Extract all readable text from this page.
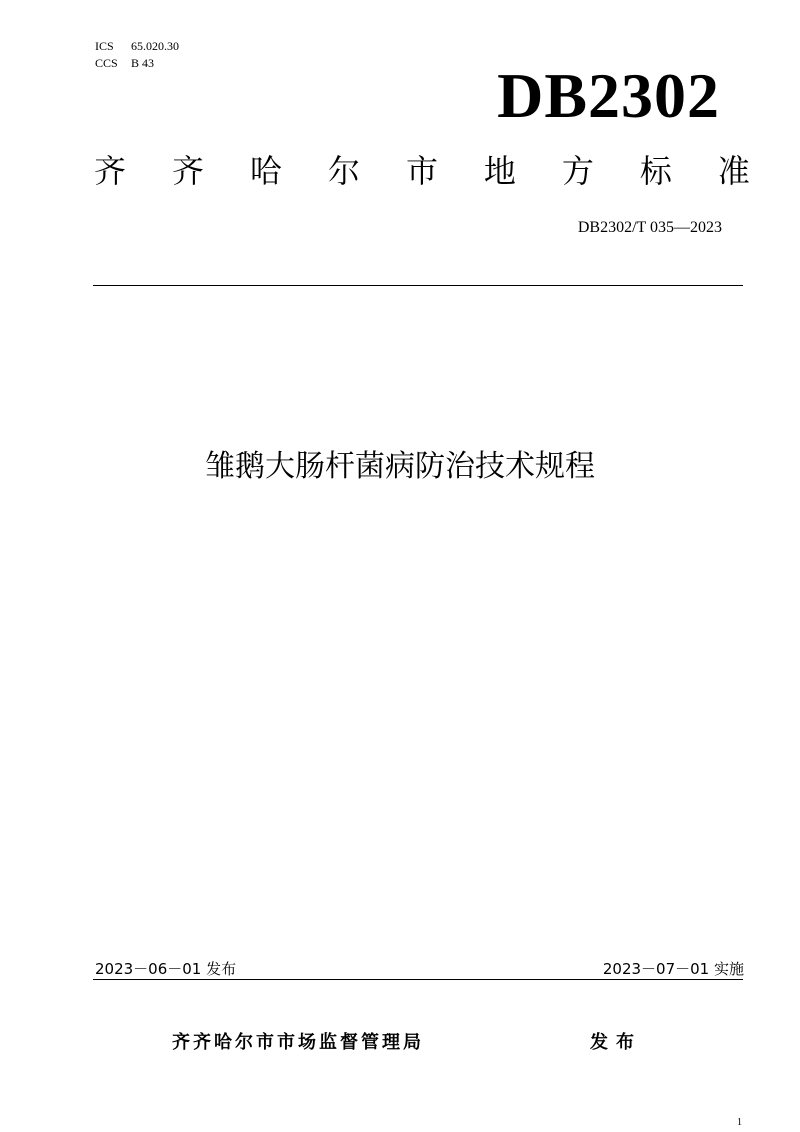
ICS 65.020.30
CCS B 43	DB2302
齐 齐 哈 尔 市 地 方 标 准
DB2302/T 035—2023
雏鹅大肠杆菌病防治技术规程
2023－06－01 发布	2023－07－01 实施
齐齐哈尔市市场监督管理局	发布
1
